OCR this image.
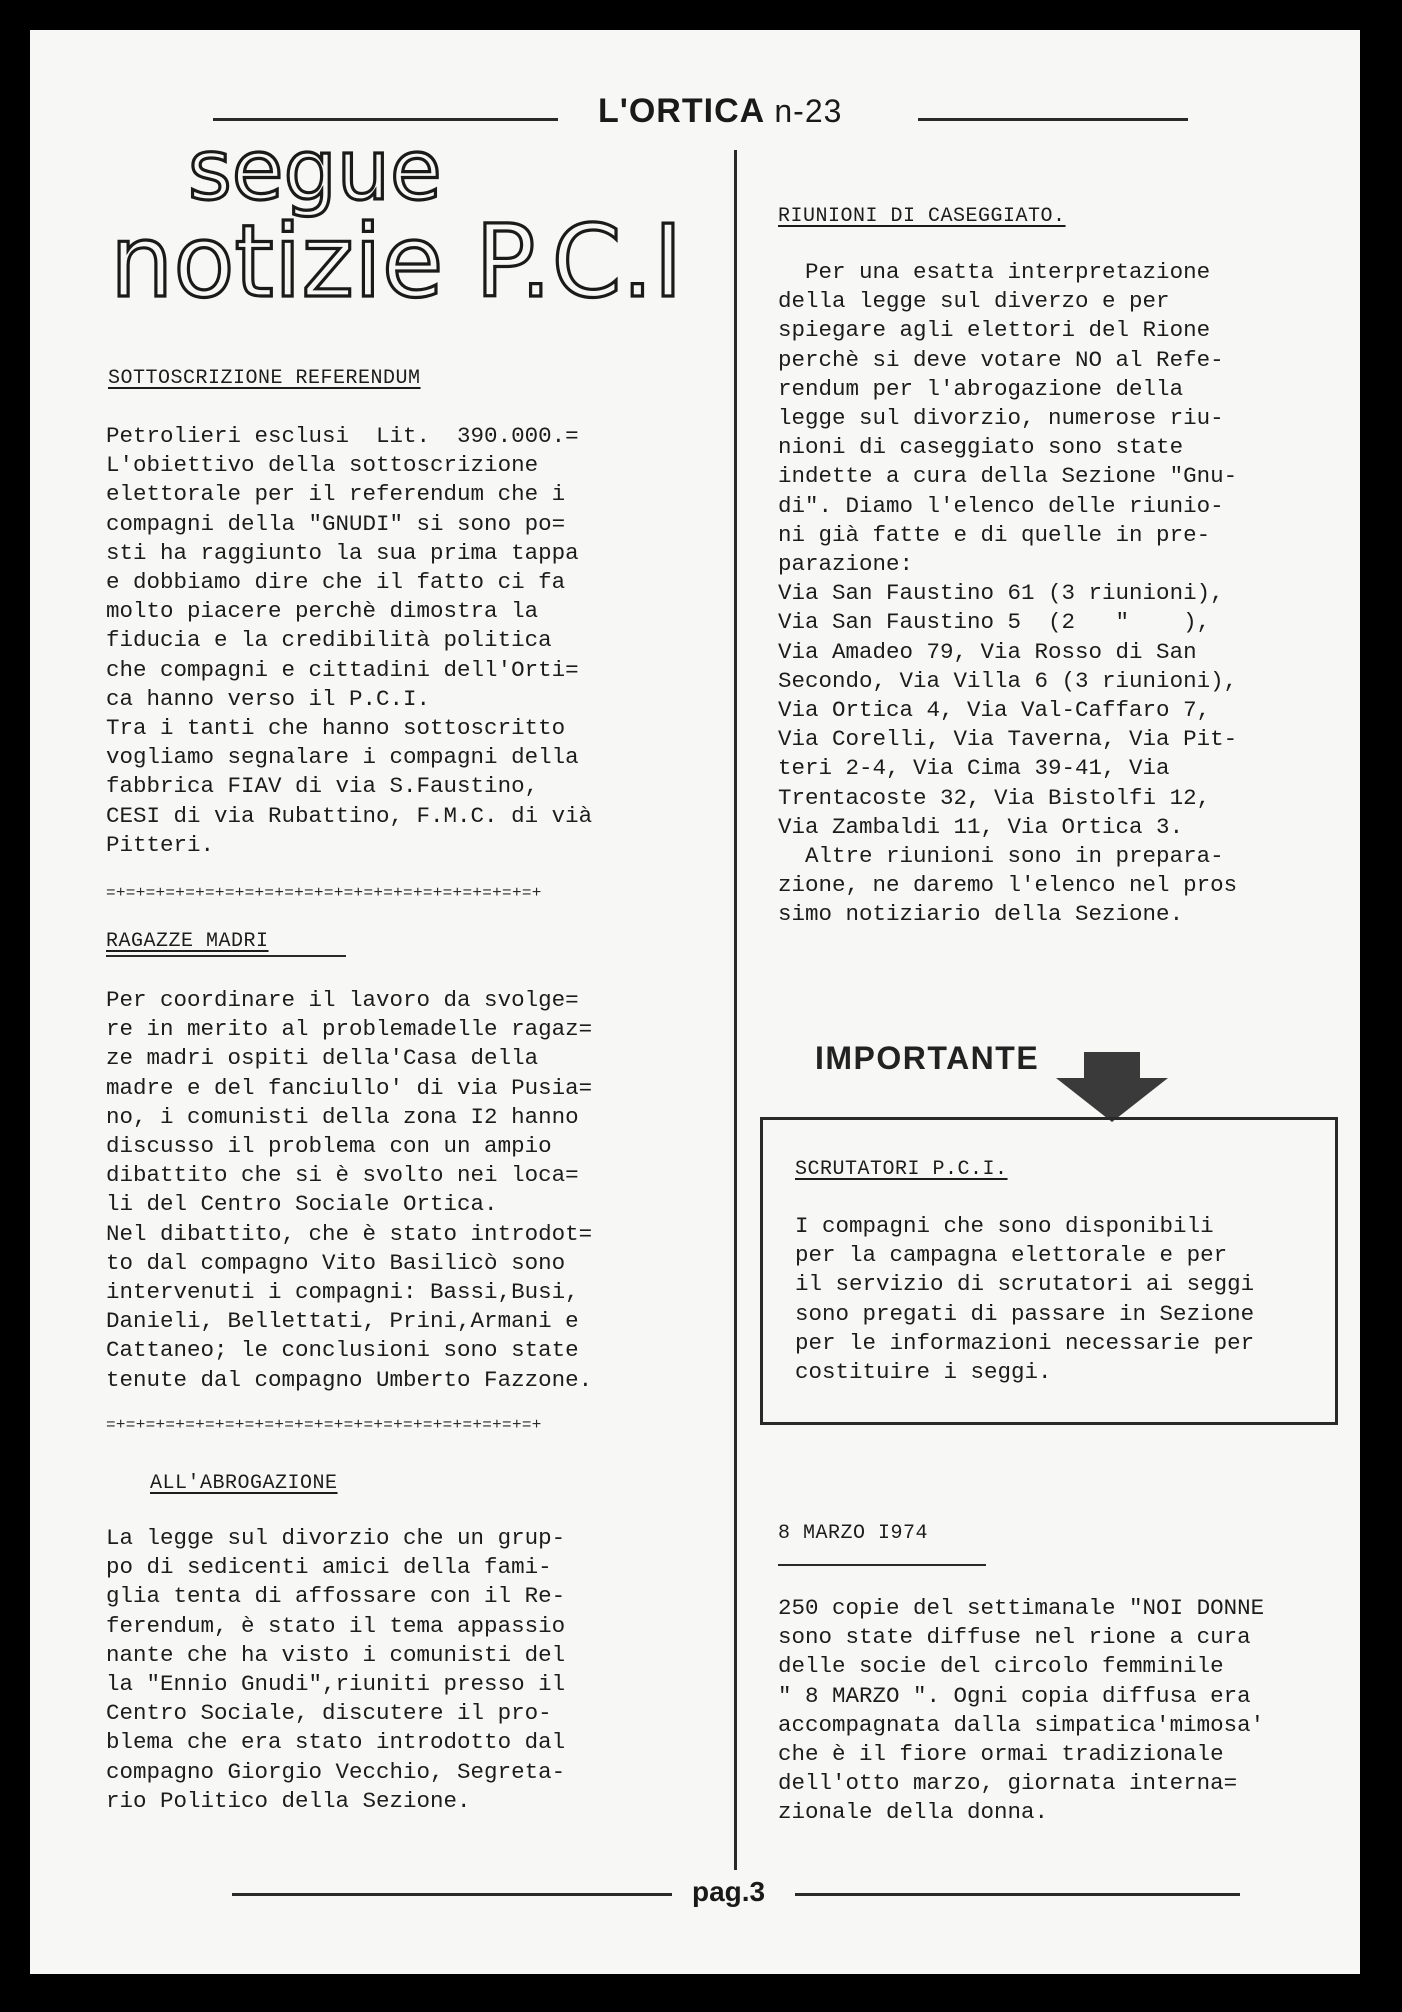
L'ORTICA n-23
segue
notizie P.C.I
SOTTOSCRIZIONE REFERENDUM

Petrolieri esclusi  Lit.  390.000.=

L'obiettivo della sottoscrizione

elettorale per il referendum che i

compagni della "GNUDI" si sono po=

sti ha raggiunto la sua prima tappa

e dobbiamo dire che il fatto ci fa

molto piacere perchè dimostra la

fiducia e la credibilità politica

che compagni e cittadini dell'Orti=

ca hanno verso il P.C.I.

Tra i tanti che hanno sottoscritto

vogliamo segnalare i compagni della

fabbrica FIAV di via S.Faustino,

CESI di via Rubattino, F.M.C. di vià

Pitteri.

=+=+=+=+=+=+=+=+=+=+=+=+=+=+=+=+=+=+=+=+=+=+
RAGAZZE MADRI

Per coordinare il lavoro da svolge=

re in merito al problemadelle ragaz=

ze madri ospiti della'Casa della

madre e del fanciullo' di via Pusia=

no, i comunisti della zona I2 hanno

discusso il problema con un ampio

dibattito che si è svolto nei loca=

li del Centro Sociale Ortica.

Nel dibattito, che è stato introdot=

to dal compagno Vito Basilicò sono

intervenuti i compagni: Bassi,Busi,

Danieli, Bellettati, Prini,Armani e

Cattaneo; le conclusioni sono state

tenute dal compagno Umberto Fazzone.

=+=+=+=+=+=+=+=+=+=+=+=+=+=+=+=+=+=+=+=+=+=+
ALL'ABROGAZIONE

La legge sul divorzio che un grup-

po di sedicenti amici della fami-

glia tenta di affossare con il Re-

ferendum, è stato il tema appassio

nante che ha visto i comunisti del

la "Ennio Gnudi",riuniti presso il

Centro Sociale, discutere il pro-

blema che era stato introdotto dal

compagno Giorgio Vecchio, Segreta-

rio Politico della Sezione.

RIUNIONI DI CASEGGIATO.

Per una esatta interpretazione

della legge sul diverzo e per

spiegare agli elettori del Rione

perchè si deve votare NO al Refe-

rendum per l'abrogazione della

legge sul divorzio, numerose riu-

nioni di caseggiato sono state

indette a cura della Sezione "Gnu-

di". Diamo l'elenco delle riunio-

ni già fatte e di quelle in pre-

parazione:

Via San Faustino 61 (3 riunioni),

Via San Faustino 5  (2   "    ),

Via Amadeo 79, Via Rosso di San

Secondo, Via Villa 6 (3 riunioni),

Via Ortica 4, Via Val-Caffaro 7,

Via Corelli, Via Taverna, Via Pit-

teri 2-4, Via Cima 39-41, Via

Trentacoste 32, Via Bistolfi 12,

Via Zambaldi 11, Via Ortica 3.

Altre riunioni sono in prepara-

zione, ne daremo l'elenco nel pros

simo notiziario della Sezione.

IMPORTANTE
SCRUTATORI P.C.I.

I compagni che sono disponibili

per la campagna elettorale e per

il servizio di scrutatori ai seggi

sono pregati di passare in Sezione

per le informazioni necessarie per

costituire i seggi.

8 MARZO I974

250 copie del settimanale "NOI DONNE

sono state diffuse nel rione a cura

delle socie del circolo femminile

" 8 MARZO ". Ogni copia diffusa era

accompagnata dalla simpatica'mimosa'

che è il fiore ormai tradizionale

dell'otto marzo, giornata interna=

zionale della donna.

pag.3
